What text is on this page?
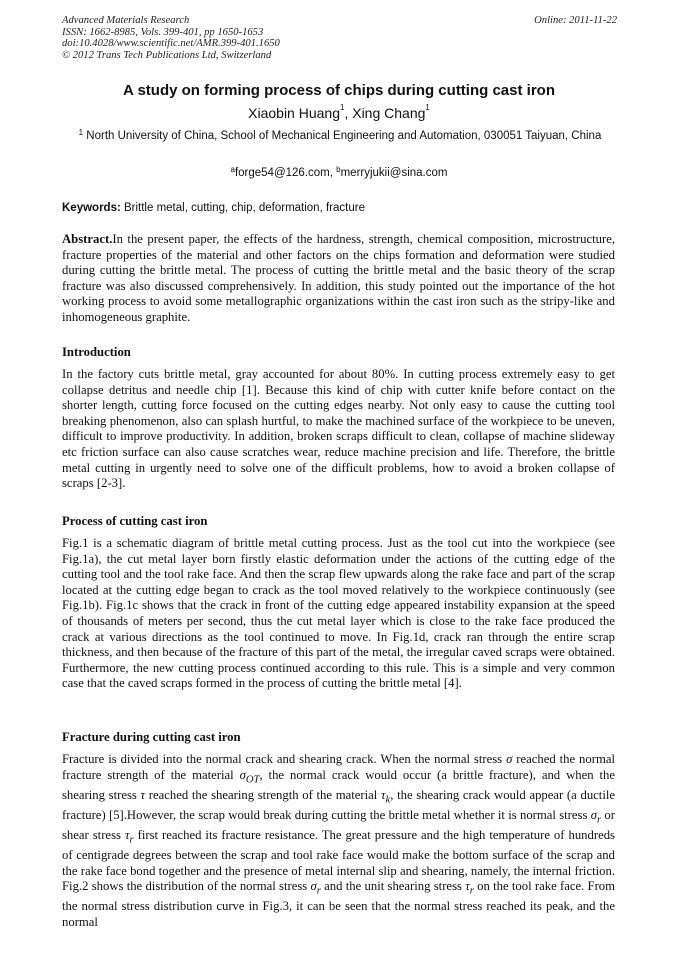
Advanced Materials Research
ISSN: 1662-8985, Vols. 399-401, pp 1650-1653
doi:10.4028/www.scientific.net/AMR.399-401.1650
© 2012 Trans Tech Publications Ltd, Switzerland
Online: 2011-11-22
A study on forming process of chips during cutting cast iron
Xiaobin Huang$^1$, Xing Chang$^1$
$^1$ North University of China, School of Mechanical Engineering and Automation, 030051 Taiyuan, China
$^a$forge54@126.com, $^b$merryjukii@sina.com
Keywords: Brittle metal, cutting, chip, deformation, fracture
Abstract.In the present paper, the effects of the hardness, strength, chemical composition, microstructure, fracture properties of the material and other factors on the chips formation and deformation were studied during cutting the brittle metal. The process of cutting the brittle metal and the basic theory of the scrap fracture was also discussed comprehensively. In addition, this study pointed out the importance of the hot working process to avoid some metallographic organizations within the cast iron such as the stripy-like and inhomogeneous graphite.
Introduction
In the factory cuts brittle metal, gray accounted for about 80%. In cutting process extremely easy to get collapse detritus and needle chip [1]. Because this kind of chip with cutter knife before contact on the shorter length, cutting force focused on the cutting edges nearby. Not only easy to cause the cutting tool breaking phenomenon, also can splash hurtful, to make the machined surface of the workpiece to be uneven, difficult to improve productivity. In addition, broken scraps difficult to clean, collapse of machine slideway etc friction surface can also cause scratches wear, reduce machine precision and life. Therefore, the brittle metal cutting in urgently need to solve one of the difficult problems, how to avoid a broken collapse of scraps [2-3].
Process of cutting cast iron
Fig.1 is a schematic diagram of brittle metal cutting process. Just as the tool cut into the workpiece (see Fig.1a), the cut metal layer born firstly elastic deformation under the actions of the cutting edge of the cutting tool and the tool rake face. And then the scrap flew upwards along the rake face and part of the scrap located at the cutting edge began to crack as the tool moved relatively to the workpiece continuously (see Fig.1b). Fig.1c shows that the crack in front of the cutting edge appeared instability expansion at the speed of thousands of meters per second, thus the cut metal layer which is close to the rake face produced the crack at various directions as the tool continued to move. In Fig.1d, crack ran through the entire scrap thickness, and then because of the fracture of this part of the metal, the irregular caved scraps were obtained. Furthermore, the new cutting process continued according to this rule. This is a simple and very common case that the caved scraps formed in the process of cutting the brittle metal [4].
Fracture during cutting cast iron
Fracture is divided into the normal crack and shearing crack. When the normal stress σ reached the normal fracture strength of the material $\sigma_{OT}$, the normal crack would occur (a brittle fracture), and when the shearing stress τ reached the shearing strength of the material $\tau_k$, the shearing crack would appear (a ductile fracture) [5].However, the scrap would break during cutting the brittle metal whether it is normal stress $\sigma_r$ or shear stress $\tau_r$ first reached its fracture resistance. The great pressure and the high temperature of hundreds of centigrade degrees between the scrap and tool rake face would make the bottom surface of the scrap and the rake face bond together and the presence of metal internal slip and shearing, namely, the internal friction. Fig.2 shows the distribution of the normal stress $\sigma_r$ and the unit shearing stress $\tau_r$ on the tool rake face. From the normal stress distribution curve in Fig.3, it can be seen that the normal stress reached its peak, and the normal
